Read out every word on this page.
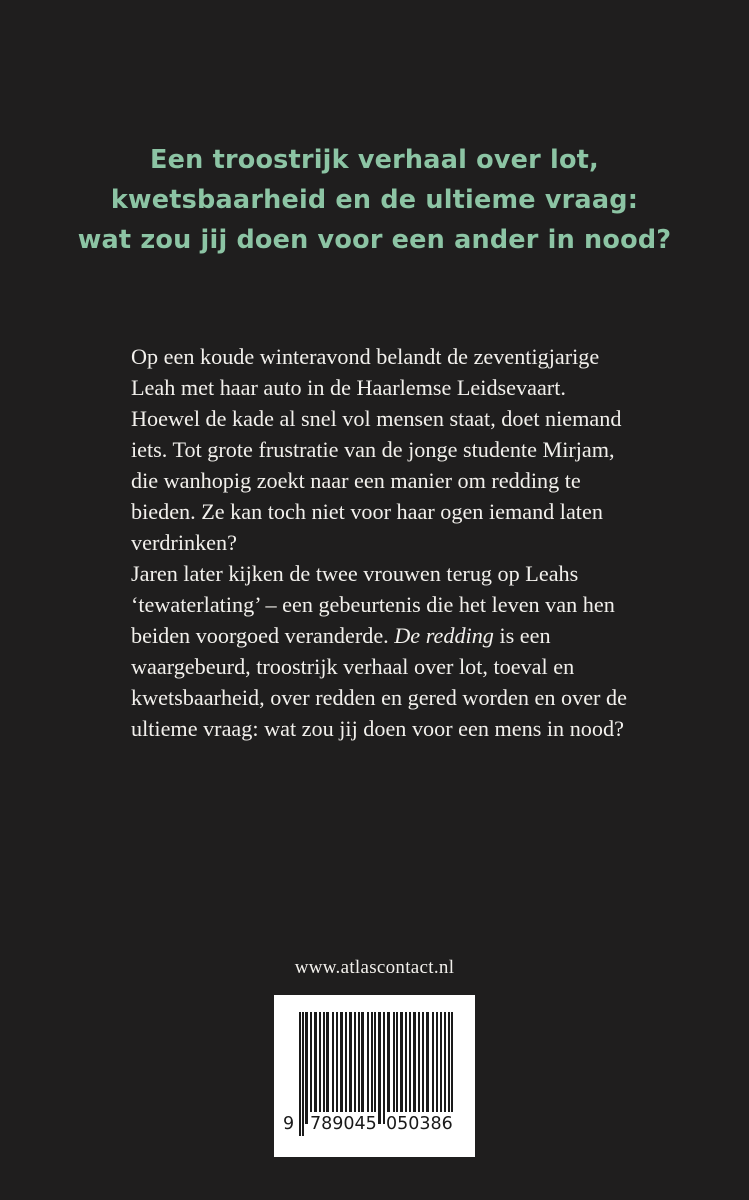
Een troostrijk verhaal over lot,
kwetsbaarheid en de ultieme vraag:
wat zou jij doen voor een ander in nood?
Op een koude winteravond belandt de zeventigjarige
Leah met haar auto in de Haarlemse Leidsevaart.
Hoewel de kade al snel vol mensen staat, doet niemand
iets. Tot grote frustratie van de jonge studente Mirjam,
die wanhopig zoekt naar een manier om redding te
bieden. Ze kan toch niet voor haar ogen iemand laten
verdrinken?
Jaren later kijken de twee vrouwen terug op Leahs
‘tewaterlating’ – een gebeurtenis die het leven van hen
beiden voorgoed veranderde. De redding is een
waargebeurd, troostrijk verhaal over lot, toeval en
kwetsbaarheid, over redden en gered worden en over de
ultieme vraag: wat zou jij doen voor een mens in nood?
www.atlascontact.nl
9 789045 050386
